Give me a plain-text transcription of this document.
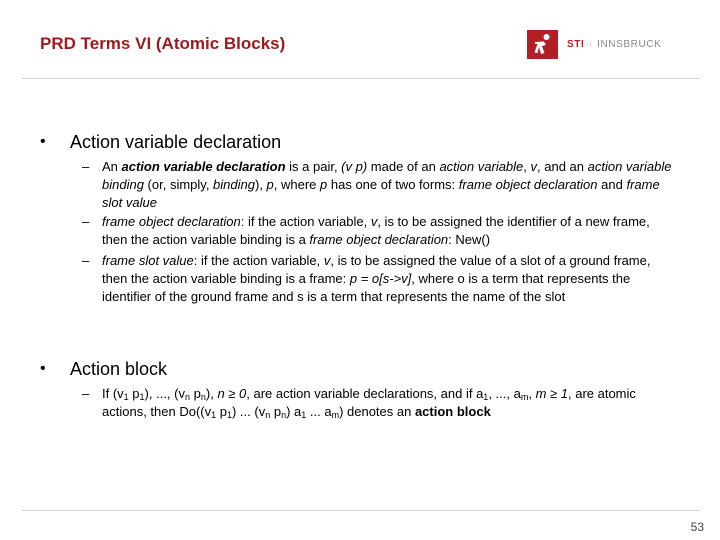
PRD Terms VI (Atomic Blocks)	STI · INNSBRUCK
•	Action variable declaration
– An action variable declaration is a pair, (v p) made of an action variable, v, and an action variable binding (or, simply, binding), p, where p has one of two forms: frame object declaration and frame slot value
– frame object declaration: if the action variable, v, is to be assigned the identifier of a new frame, then the action variable binding is a frame object declaration: New()
– frame slot value: if the action variable, v, is to be assigned the value of a slot of a ground frame, then the action variable binding is a frame: p = o[s->v], where o is a term that represents the identifier of the ground frame and s is a term that represents the name of the slot
•	Action block
– If ($v_1$ $p_1$), ..., ($v_n$ $p_n$), n ≥ 0, are action variable declarations, and if $a_1$, ..., $a_m$, m ≥ 1, are atomic actions, then $Do((v_1$ $p_1$) ... ($v_n$ $p_n$) $a_1$ ... $a_m$) denotes an action block
53
